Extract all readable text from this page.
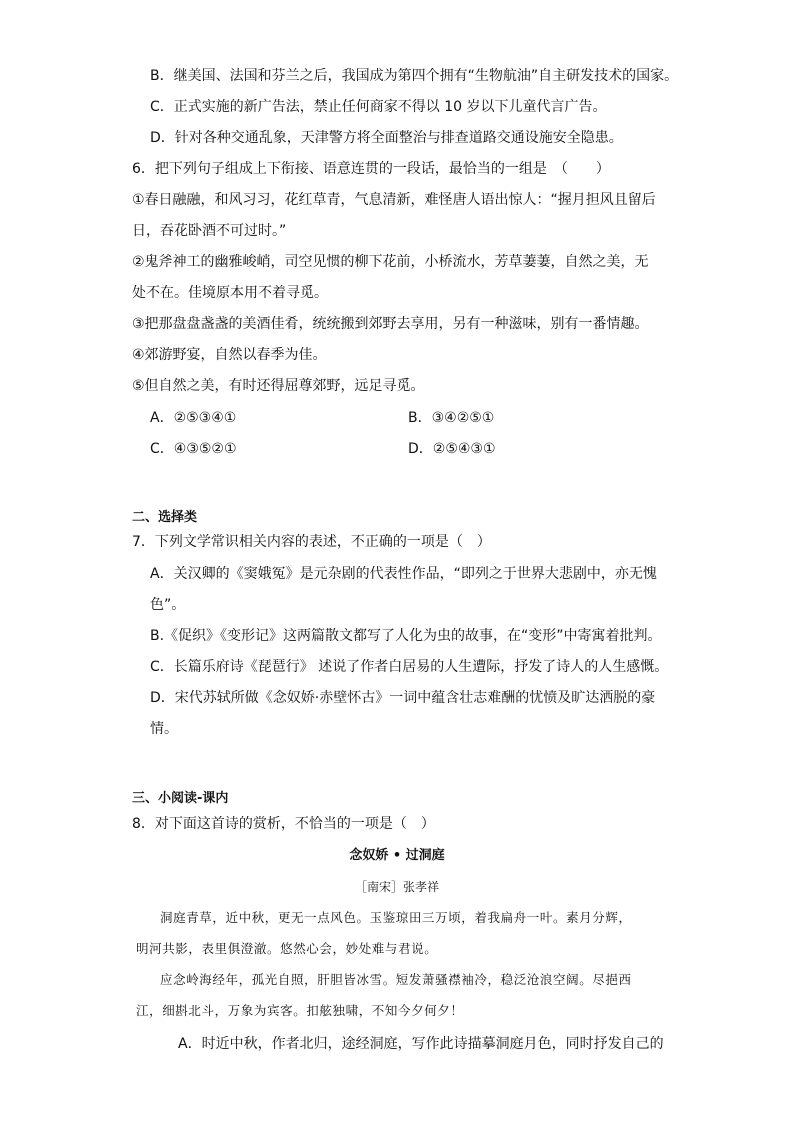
B．继美国、法国和芬兰之后，我国成为第四个拥有“生物航油”自主研发技术的国家。
C．正式实施的新广告法，禁止任何商家不得以 10 岁以下儿童代言广告。
D．针对各种交通乱象，天津警方将全面整治与排查道路交通设施安全隐患。
6．把下列句子组成上下衔接、语意连贯的一段话，最恰当的一组是　（　　）
①春日融融，和风习习，花红草青，气息清新，难怪唐人语出惊人：“握月担风且留后
日，吞花卧酒不可过时。”
②鬼斧神工的幽雅峻峭，司空见惯的柳下花前，小桥流水，芳草萋萋，自然之美，无
处不在。佳境原本用不着寻觅。
③把那盘盘盏盏的美酒佳肴，统统搬到郊野去享用，另有一种滋味，别有一番情趣。
④郊游野宴，自然以春季为佳。
⑤但自然之美，有时还得屈尊郊野，远足寻觅。
A．②⑤③④①	B．③④②⑤①
C．④③⑤②①	D．②⑤④③①
二、选择类
7．下列文学常识相关内容的表述，不正确的一项是（　）
A．关汉卿的《窦娥冤》是元杂剧的代表性作品，“即列之于世界大悲剧中，亦无愧
色”。
B.《促织》《变形记》这两篇散文都写了人化为虫的故事，在“变形”中寄寓着批判。
C．长篇乐府诗《琵琶行》 述说了作者白居易的人生遭际，抒发了诗人的人生感慨。
D．宋代苏轼所做《念奴娇·赤壁怀古》一词中蕴含壮志难酬的忧愤及旷达洒脱的豪
情。
三、小阅读-课内
8．对下面这首诗的赏析，不恰当的一项是（　）
念奴娇 • 过洞庭
［南宋］张孝祥
洞庭青草，近中秋，更无一点风色。玉鉴琼田三万顷，着我扁舟一叶。素月分辉，
明河共影，表里俱澄澈。悠然心会，妙处难与君说。
应念岭海经年，孤光自照，肝胆皆冰雪。短发萧骚襟袖冷，稳泛沧浪空阔。尽挹西
江，细斟北斗，万象为宾客。扣舷独啸，不知今夕何夕！
A．时近中秋，作者北归，途经洞庭，写作此诗描摹洞庭月色，同时抒发自己的
